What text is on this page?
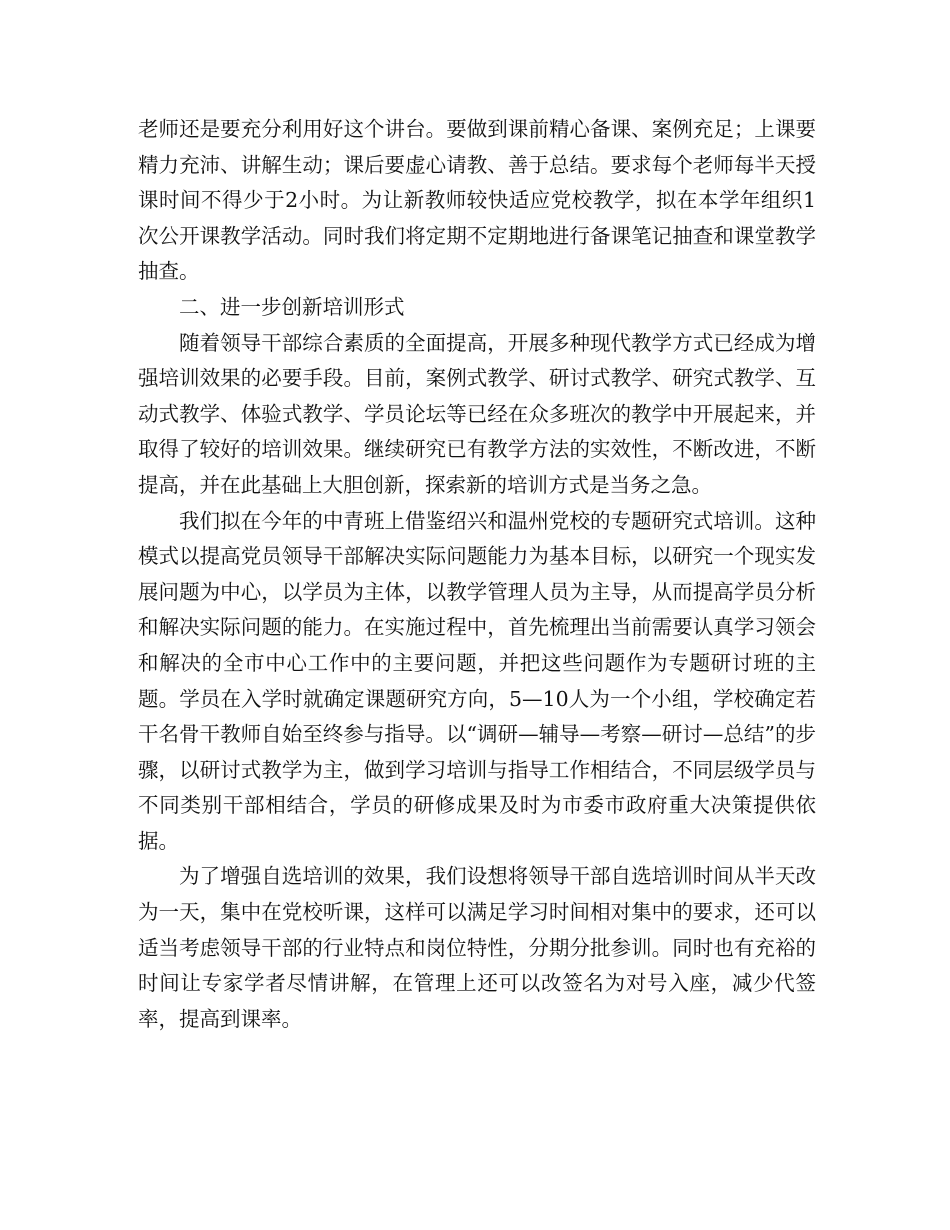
老师还是要充分利用好这个讲台。要做到课前精心备课、案例充足；上课要精力充沛、讲解生动；课后要虚心请教、善于总结。要求每个老师每半天授课时间不得少于2小时。为让新教师较快适应党校教学，拟在本学年组织1次公开课教学活动。同时我们将定期不定期地进行备课笔记抽查和课堂教学抽查。

二、进一步创新培训形式

随着领导干部综合素质的全面提高，开展多种现代教学方式已经成为增强培训效果的必要手段。目前，案例式教学、研讨式教学、研究式教学、互动式教学、体验式教学、学员论坛等已经在众多班次的教学中开展起来，并取得了较好的培训效果。继续研究已有教学方法的实效性，不断改进，不断提高，并在此基础上大胆创新，探索新的培训方式是当务之急。

我们拟在今年的中青班上借鉴绍兴和温州党校的专题研究式培训。这种模式以提高党员领导干部解决实际问题能力为基本目标，以研究一个现实发展问题为中心，以学员为主体，以教学管理人员为主导，从而提高学员分析和解决实际问题的能力。在实施过程中，首先梳理出当前需要认真学习领会和解决的全市中心工作中的主要问题，并把这些问题作为专题研讨班的主题。学员在入学时就确定课题研究方向，5—10人为一个小组，学校确定若干名骨干教师自始至终参与指导。以“调研—辅导—考察—研讨—总结”的步骤，以研讨式教学为主，做到学习培训与指导工作相结合，不同层级学员与不同类别干部相结合，学员的研修成果及时为市委市政府重大决策提供依据。

为了增强自选培训的效果，我们设想将领导干部自选培训时间从半天改为一天，集中在党校听课，这样可以满足学习时间相对集中的要求，还可以适当考虑领导干部的行业特点和岗位特性，分期分批参训。同时也有充裕的时间让专家学者尽情讲解，在管理上还可以改签名为对号入座，减少代签率，提高到课率。
